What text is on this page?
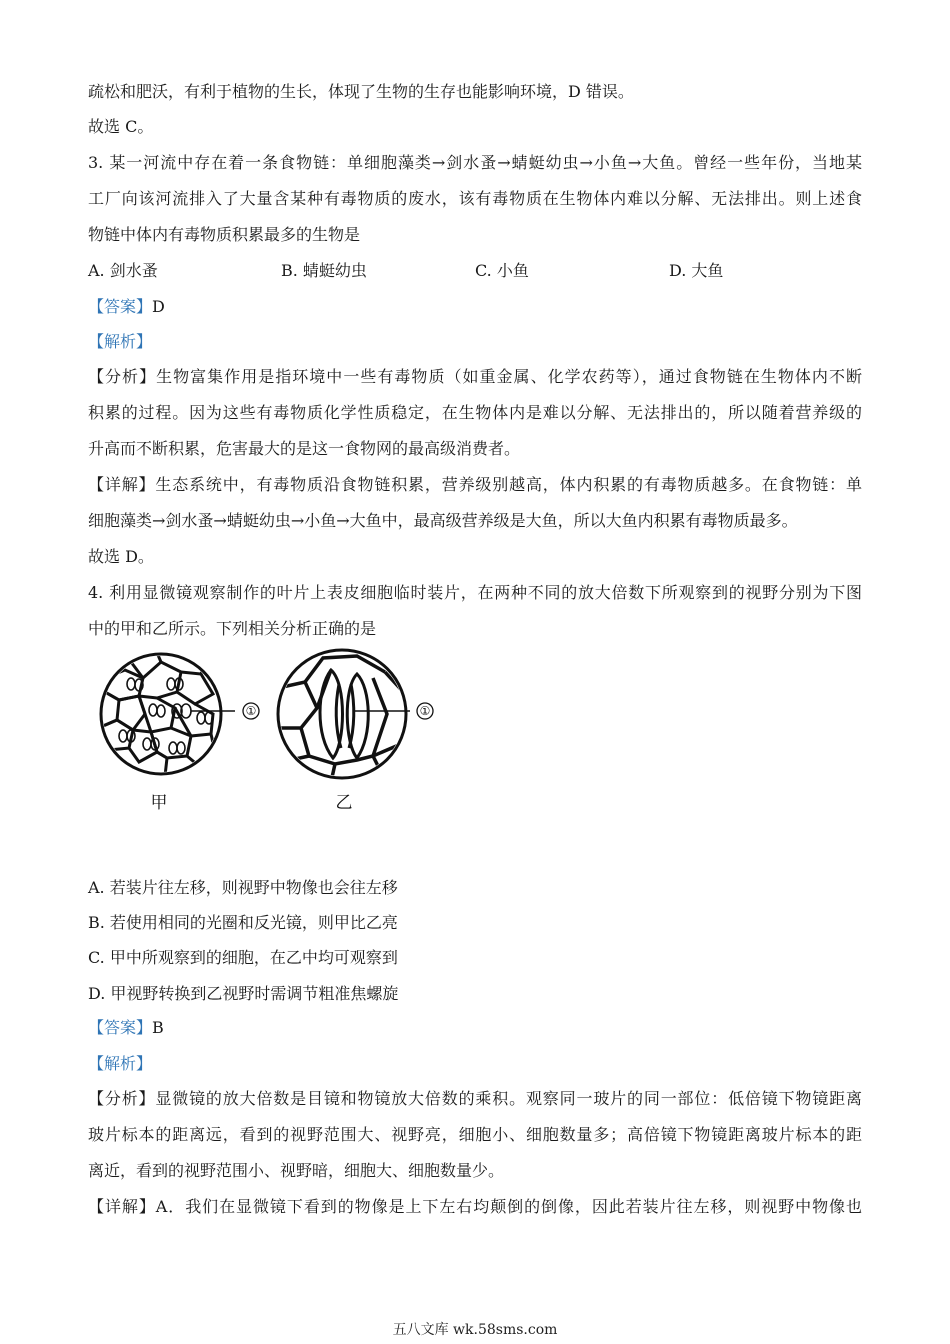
疏松和肥沃，有利于植物的生长，体现了生物的生存也能影响环境，D 错误。
故选 C。
3. 某一河流中存在着一条食物链：单细胞藻类→剑水蚤→蜻蜓幼虫→小鱼→大鱼。曾经一些年份，当地某
工厂向该河流排入了大量含某种有毒物质的废水，该有毒物质在生物体内难以分解、无法排出。则上述食
物链中体内有毒物质积累最多的生物是
A. 剑水蚤	B. 蜻蜓幼虫	C. 小鱼	D. 大鱼
【答案】D
【解析】
【分析】生物富集作用是指环境中一些有毒物质（如重金属、化学农药等），通过食物链在生物体内不断
积累的过程。因为这些有毒物质化学性质稳定，在生物体内是难以分解、无法排出的，所以随着营养级的
升高而不断积累，危害最大的是这一食物网的最高级消费者。
【详解】生态系统中，有毒物质沿食物链积累，营养级别越高，体内积累的有毒物质越多。在食物链：单
细胞藻类→剑水蚤→蜻蜓幼虫→小鱼→大鱼中，最高级营养级是大鱼，所以大鱼内积累有毒物质最多。
故选 D。
4. 利用显微镜观察制作的叶片上表皮细胞临时装片，在两种不同的放大倍数下所观察到的视野分别为下图
中的甲和乙所示。下列相关分析正确的是
①	①
甲	乙
A. 若装片往左移，则视野中物像也会往左移
B. 若使用相同的光圈和反光镜，则甲比乙亮
C. 甲中所观察到的细胞，在乙中均可观察到
D. 甲视野转换到乙视野时需调节粗准焦螺旋
【答案】B
【解析】
【分析】显微镜的放大倍数是目镜和物镜放大倍数的乘积。观察同一玻片的同一部位：低倍镜下物镜距离
玻片标本的距离远，看到的视野范围大、视野亮，细胞小、细胞数量多；高倍镜下物镜距离玻片标本的距
离近，看到的视野范围小、视野暗，细胞大、细胞数量少。
【详解】A．我们在显微镜下看到的物像是上下左右均颠倒的倒像，因此若装片往左移，则视野中物像也
五八文库 wk.58sms.com
